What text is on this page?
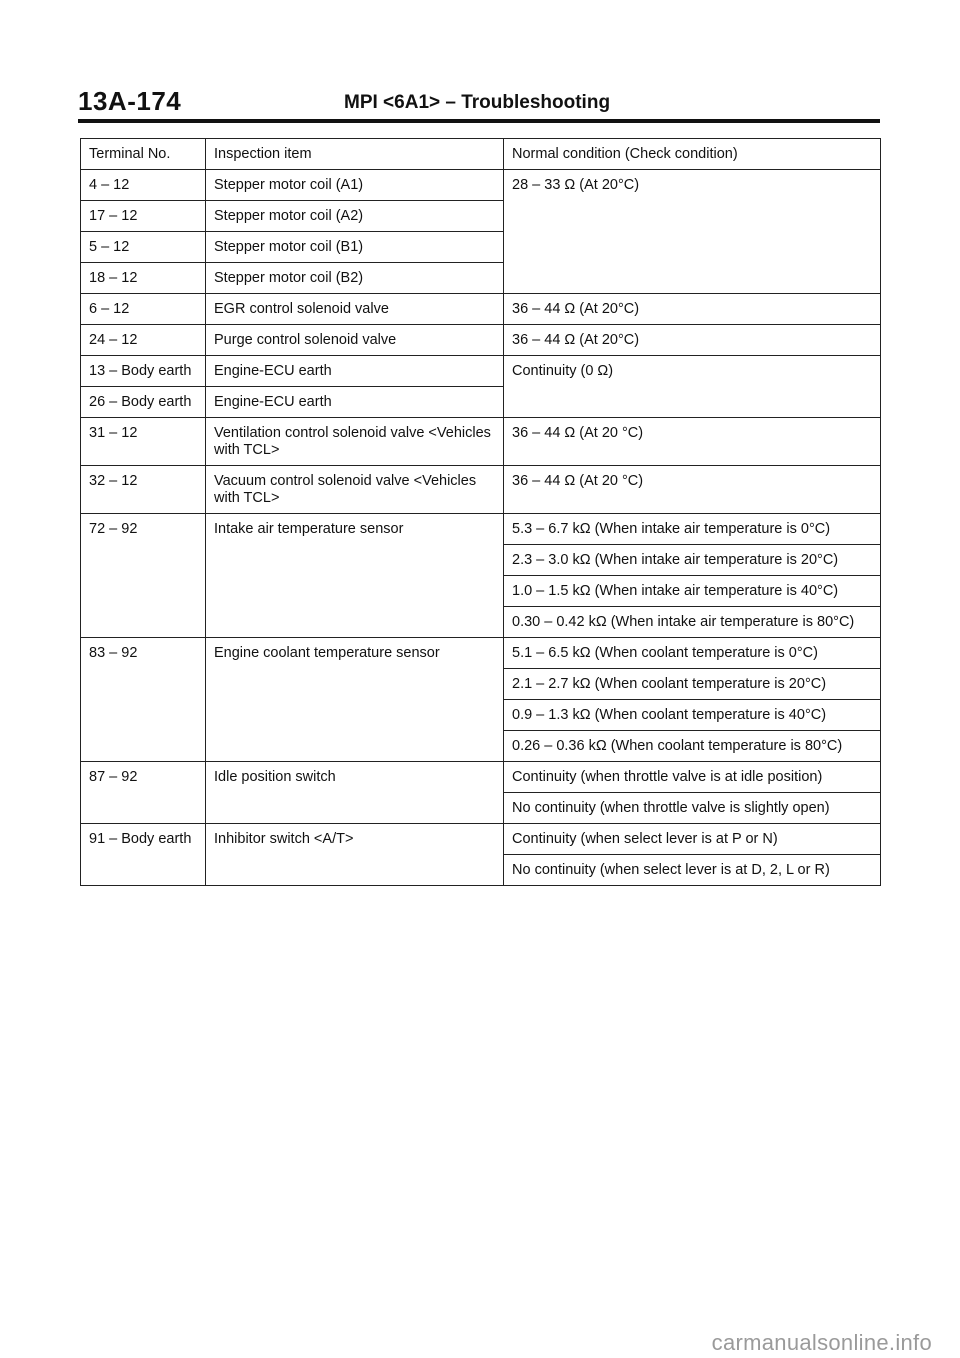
13A-174	MPI <6A1> – Troubleshooting
Terminal No.	Inspection item	Normal condition (Check condition)
4 – 12	Stepper motor coil (A1)	28 – 33 Ω (At 20°C)
17 – 12	Stepper motor coil (A2)	
5 – 12	Stepper motor coil (B1)	
18 – 12	Stepper motor coil (B2)	
6 – 12	EGR control solenoid valve	36 – 44 Ω (At 20°C)
24 – 12	Purge control solenoid valve	36 – 44 Ω (At 20°C)
13 – Body earth	Engine-ECU earth	Continuity (0 Ω)
26 – Body earth	Engine-ECU earth	
31 – 12	Ventilation control solenoid valve <Vehicles with TCL>	36 – 44 Ω (At 20 °C)
32 – 12	Vacuum control solenoid valve <Vehicles with TCL>	36 – 44 Ω (At 20 °C)
72 – 92	Intake air temperature sensor	5.3 – 6.7 kΩ (When intake air temperature is 0°C)
		2.3 – 3.0 kΩ (When intake air temperature is 20°C)
		1.0 – 1.5 kΩ (When intake air temperature is 40°C)
		0.30 – 0.42 kΩ (When intake air temperature is 80°C)
83 – 92	Engine coolant temperature sensor	5.1 – 6.5 kΩ (When coolant temperature is 0°C)
		2.1 – 2.7 kΩ (When coolant temperature is 20°C)
		0.9 – 1.3 kΩ (When coolant temperature is 40°C)
		0.26 – 0.36 kΩ (When coolant temperature is 80°C)
87 – 92	Idle position switch	Continuity (when throttle valve is at idle position)
		No continuity (when throttle valve is slightly open)
91 – Body earth	Inhibitor switch <A/T>	Continuity (when select lever is at P or N)
		No continuity (when select lever is at D, 2, L or R)
carmanualsonline.info
